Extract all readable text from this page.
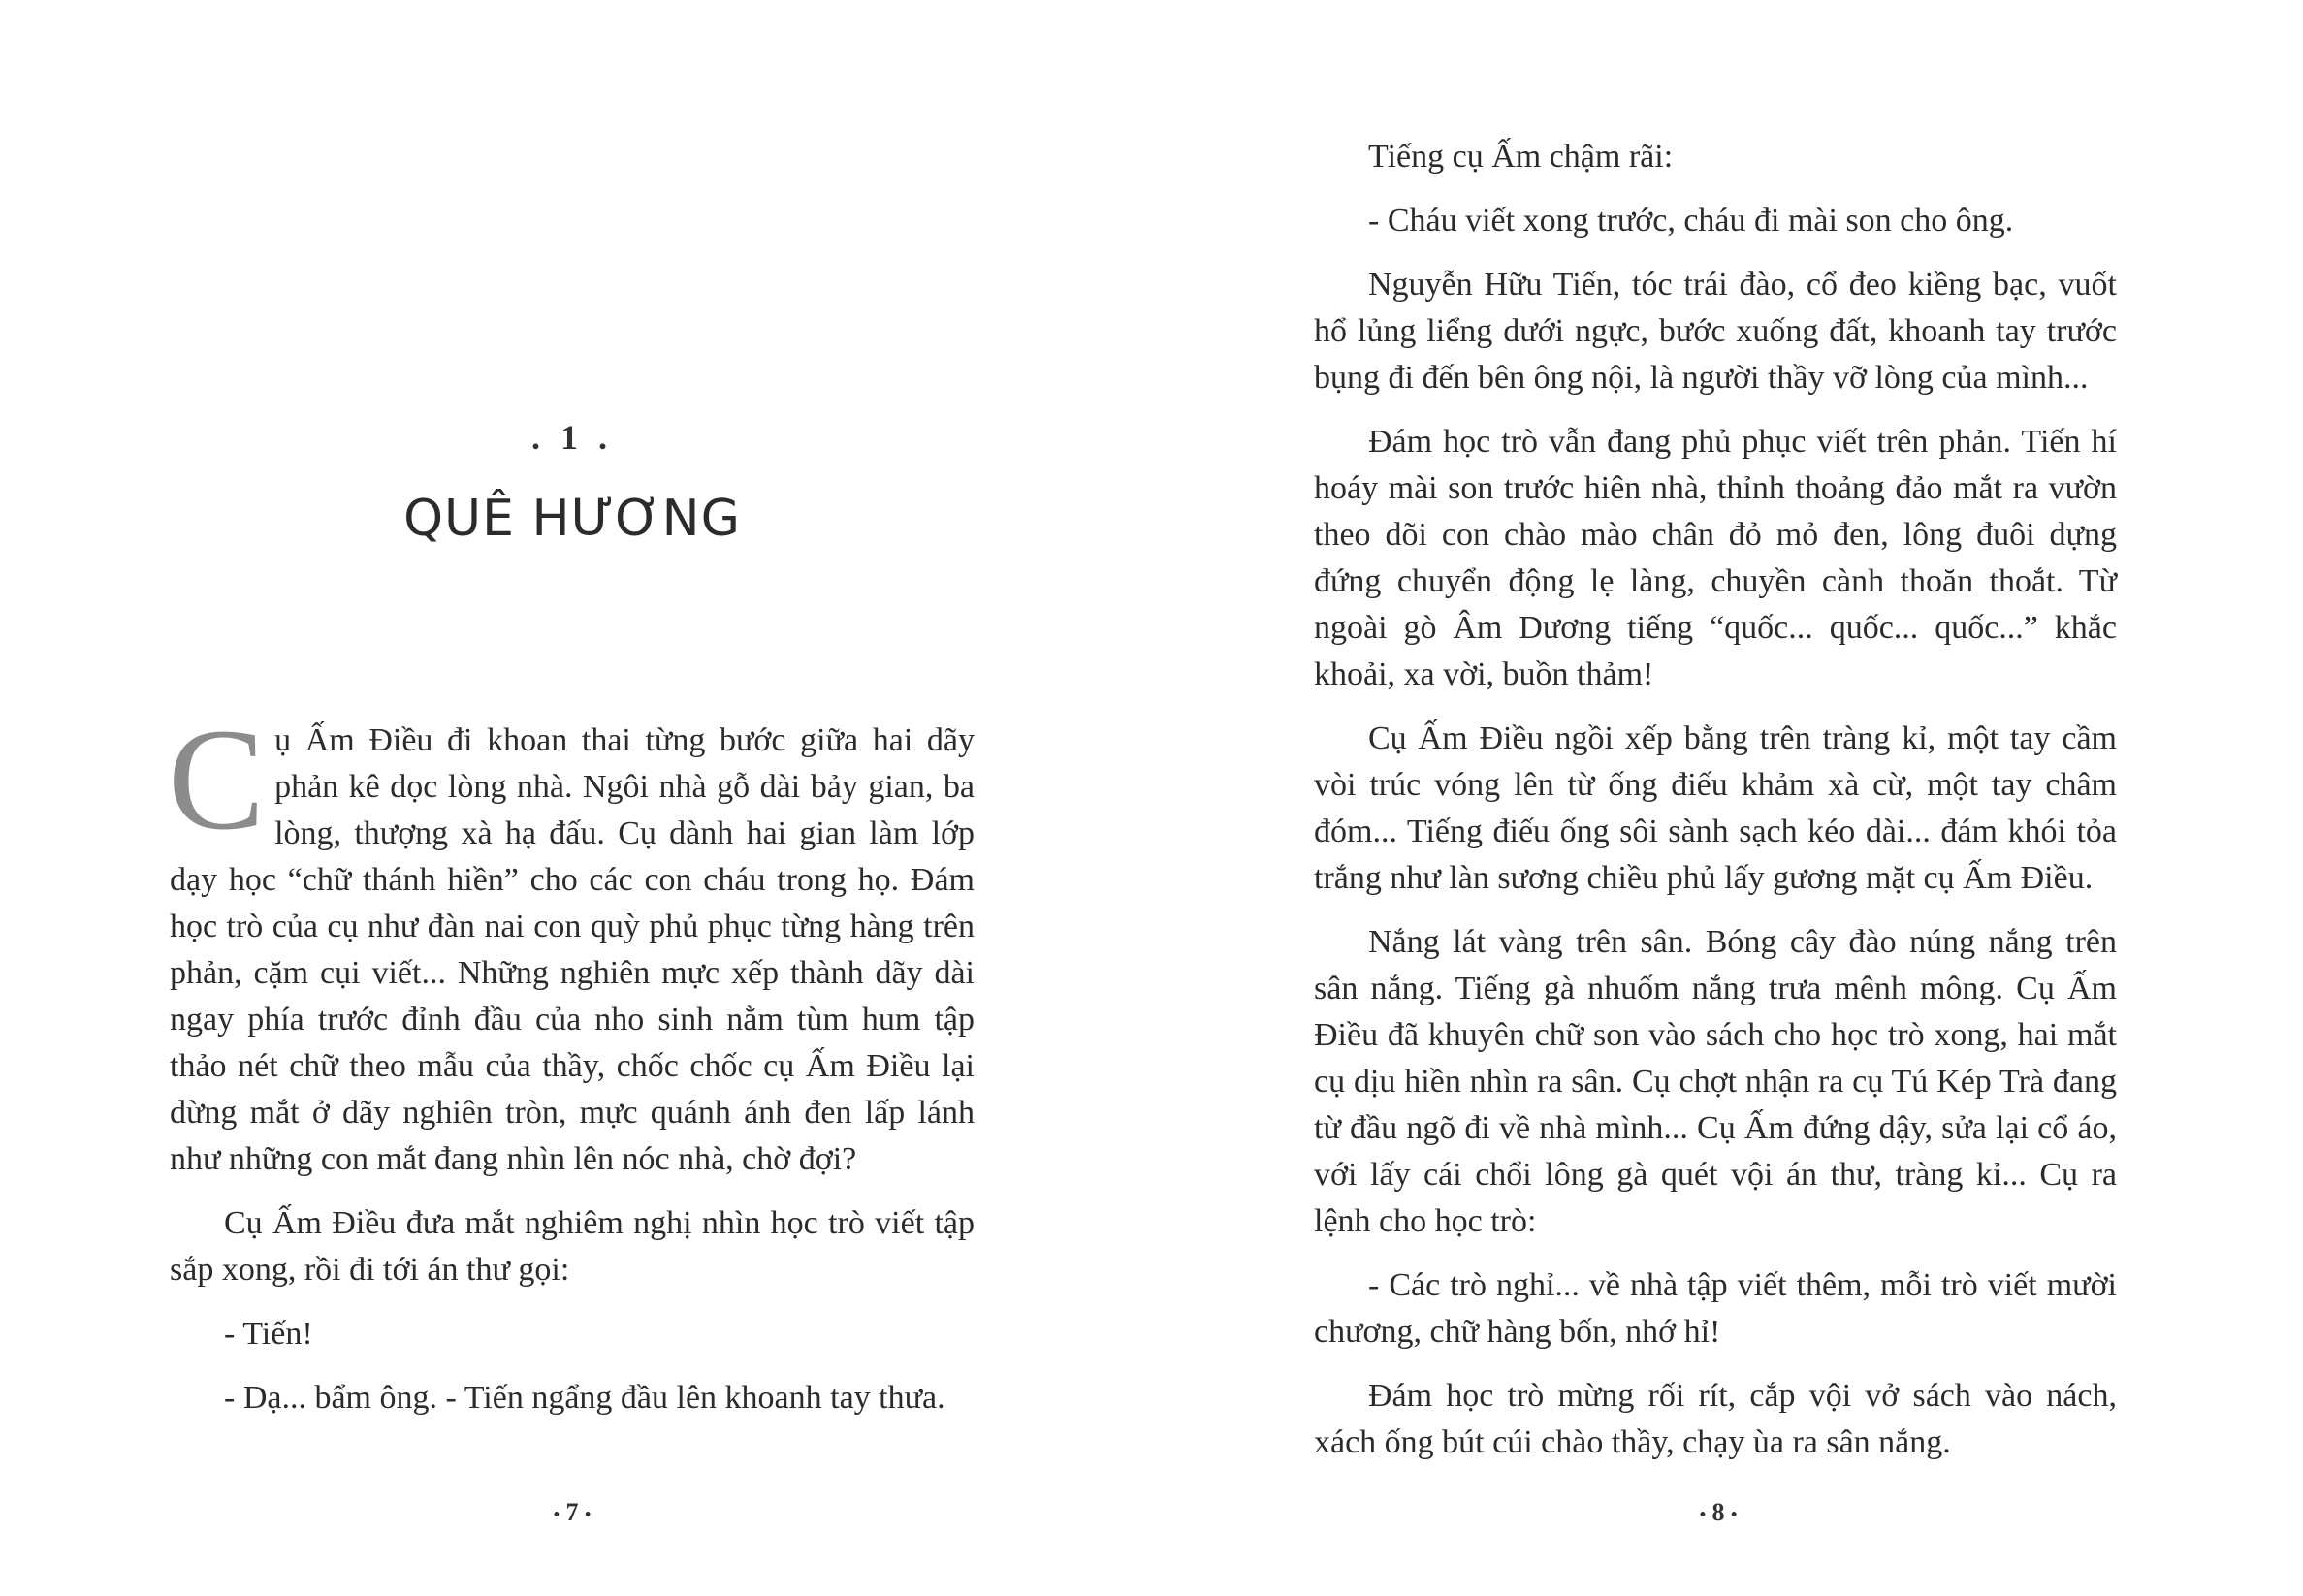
. 1 .
QUÊ HƯƠNG

Cụ Ấm Điều đi khoan thai từng bước giữa hai dãy phản kê dọc lòng nhà. Ngôi nhà gỗ dài bảy gian, ba lòng, thượng xà hạ đấu. Cụ dành hai gian làm lớp dạy học “chữ thánh hiền” cho các con cháu trong họ. Đám học trò của cụ như đàn nai con quỳ phủ phục từng hàng trên phản, cặm cụi viết... Những nghiên mực xếp thành dãy dài ngay phía trước đỉnh đầu của nho sinh nằm tùm hum tập thảo nét chữ theo mẫu của thầy, chốc chốc cụ Ấm Điều lại dừng mắt ở dãy nghiên tròn, mực quánh ánh đen lấp lánh như những con mắt đang nhìn lên nóc nhà, chờ đợi?

Cụ Ấm Điều đưa mắt nghiêm nghị nhìn học trò viết tập sắp xong, rồi đi tới án thư gọi:

- Tiến!

- Dạ... bẩm ông. - Tiến ngẩng đầu lên khoanh tay thưa.

• 7 •

Tiếng cụ Ấm chậm rãi:

- Cháu viết xong trước, cháu đi mài son cho ông.

Nguyễn Hữu Tiến, tóc trái đào, cổ đeo kiềng bạc, vuốt hổ lủng liểng dưới ngực, bước xuống đất, khoanh tay trước bụng đi đến bên ông nội, là người thầy vỡ lòng của mình...

Đám học trò vẫn đang phủ phục viết trên phản. Tiến hí hoáy mài son trước hiên nhà, thỉnh thoảng đảo mắt ra vườn theo dõi con chào mào chân đỏ mỏ đen, lông đuôi dựng đứng chuyển động lẹ làng, chuyền cành thoăn thoắt. Từ ngoài gò Âm Dương tiếng “quốc... quốc... quốc...” khắc khoải, xa vời, buồn thảm!

Cụ Ấm Điều ngồi xếp bằng trên tràng kỉ, một tay cầm vòi trúc vóng lên từ ống điếu khảm xà cừ, một tay châm đóm... Tiếng điếu ống sôi sành sạch kéo dài... đám khói tỏa trắng như làn sương chiều phủ lấy gương mặt cụ Ấm Điều.

Nắng lát vàng trên sân. Bóng cây đào núng nắng trên sân nắng. Tiếng gà nhuốm nắng trưa mênh mông. Cụ Ấm Điều đã khuyên chữ son vào sách cho học trò xong, hai mắt cụ dịu hiền nhìn ra sân. Cụ chợt nhận ra cụ Tú Kép Trà đang từ đầu ngõ đi về nhà mình... Cụ Ấm đứng dậy, sửa lại cổ áo, với lấy cái chổi lông gà quét vội án thư, tràng kỉ... Cụ ra lệnh cho học trò:

- Các trò nghỉ... về nhà tập viết thêm, mỗi trò viết mười chương, chữ hàng bốn, nhớ hỉ!

Đám học trò mừng rối rít, cắp vội vở sách vào nách, xách ống bút cúi chào thầy, chạy ùa ra sân nắng.

• 8 •
